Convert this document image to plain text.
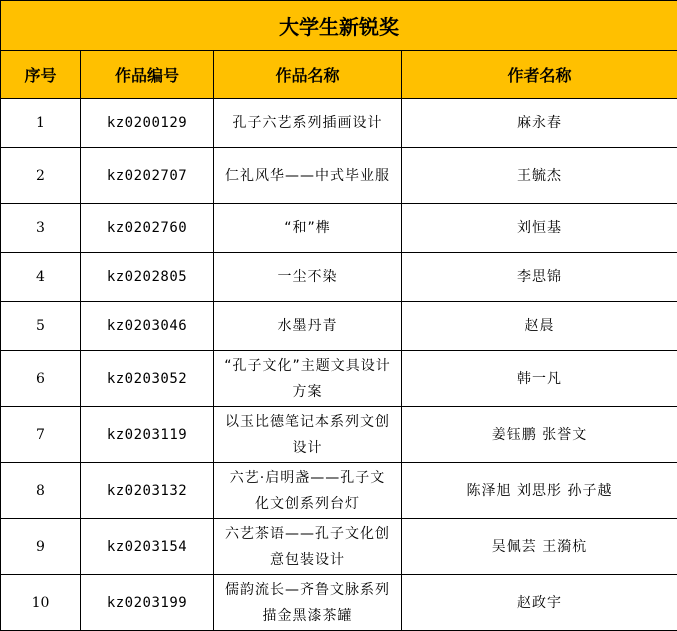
大学生新锐奖			
序号	作品编号	作品名称	作者名称
1	kz0200129	孔子六艺系列插画设计	麻永春
2	kz0202707	仁礼风华——中式毕业服	王毓杰
3	kz0202760	“和”榫	刘恒基
4	kz0202805	一尘不染	李思锦
5	kz0203046	水墨丹青	赵晨
6	kz0203052	“孔子文化”主题文具设计方案	韩一凡
7	kz0203119	以玉比德笔记本系列文创设计	姜钰鹏 张誉文
8	kz0203132	六艺·启明盏——孔子文化文创系列台灯	陈泽旭 刘思彤 孙子越
9	kz0203154	六艺茶语——孔子文化创意包装设计	吴佩芸 王漪杭
10	kz0203199	儒韵流长—齐鲁文脉系列描金黑漆茶罐	赵政宇
